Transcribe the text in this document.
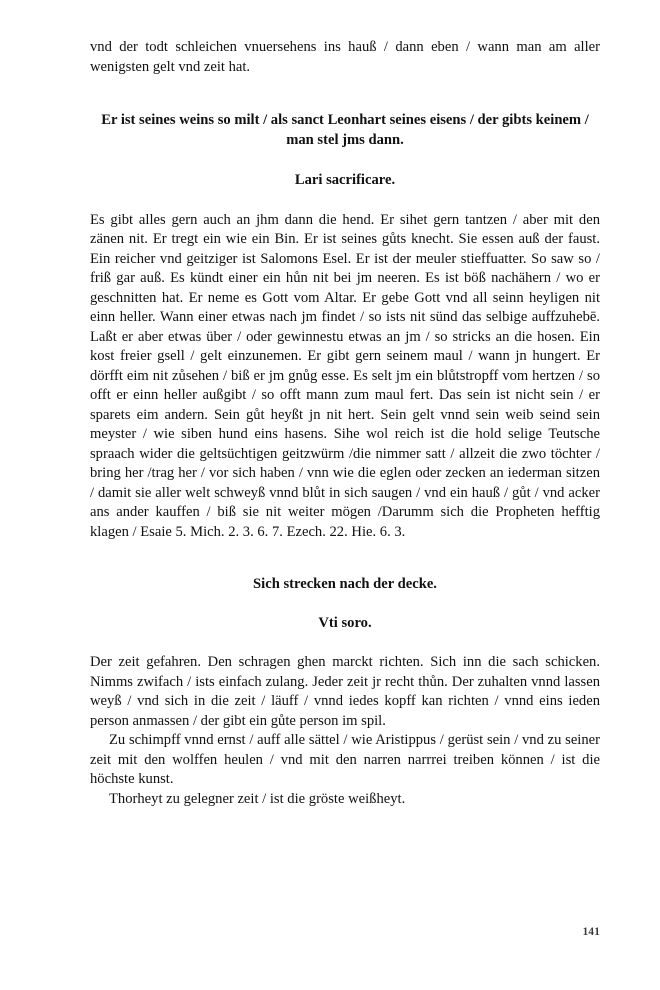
vnd der todt schleichen vnuersehens ins hauß / dann eben / wann man am aller wenigsten gelt vnd zeit hat.

Er ist seines weins so milt / als sanct Leonhart seines eisens / der gibts keinem / man stel jms dann.

Lari sacrificare.

Es gibt alles gern auch an jhm dann die hend. Er sihet gern tantzen / aber mit den zänen nit. Er tregt ein wie ein Bin. Er ist seines gůts knecht. Sie essen auß der faust. Ein reicher vnd geitziger ist Salomons Esel. Er ist der meuler stieffuatter. So saw so / friß gar auß. Es kündt einer ein hůn nit bei jm neeren. Es ist böß nachähern / wo er geschnitten hat. Er neme es Gott vom Altar. Er gebe Gott vnd all seinn heyligen nit einn heller. Wann einer etwas nach jm findet / so ists nit sünd das selbige auffzuhebē. Laßt er aber etwas über / oder gewinnestu etwas an jm / so stricks an die hosen. Ein kost freier gsell / gelt einzunemen. Er gibt gern seinem maul / wann jn hungert. Er dörfft eim nit zůsehen / biß er jm gnůg esse. Es selt jm ein blůtstropff vom hertzen / so offt er einn heller außgibt / so offt mann zum maul fert. Das sein ist nicht sein / er sparets eim andern. Sein gůt heyßt jn nit hert. Sein gelt vnnd sein weib seind sein meyster / wie siben hund eins hasens. Sihe wol reich ist die hold selige Teutsche spraach wider die geltsüchtigen geitzwürm /die nimmer satt / allzeit die zwo töchter / bring her /trag her / vor sich haben / vnn wie die eglen oder zecken an iederman sitzen / damit sie aller welt schweyß vnnd blůt in sich saugen / vnd ein hauß / gůt / vnd acker ans ander kauffen / biß sie nit weiter mögen /Darumm sich die Propheten hefftig klagen / Esaie 5. Mich. 2. 3. 6. 7. Ezech. 22. Hie. 6. 3.

Sich strecken nach der decke.

Vti soro.

Der zeit gefahren. Den schragen ghen marckt richten. Sich inn die sach schicken. Nimms zwifach / ists einfach zulang. Jeder zeit jr recht thůn. Der zuhalten vnnd lassen weyß / vnd sich in die zeit / läuff / vnnd iedes kopff kan richten / vnnd eins ieden person anmassen / der gibt ein gůte person im spil.

Zu schimpff vnnd ernst / auff alle sättel / wie Aristippus / gerüst sein / vnd zu seiner zeit mit den wolffen heulen / vnd mit den narren narrrei treiben können / ist die höchste kunst.

Thorheyt zu gelegner zeit / ist die gröste weißheyt.

141
